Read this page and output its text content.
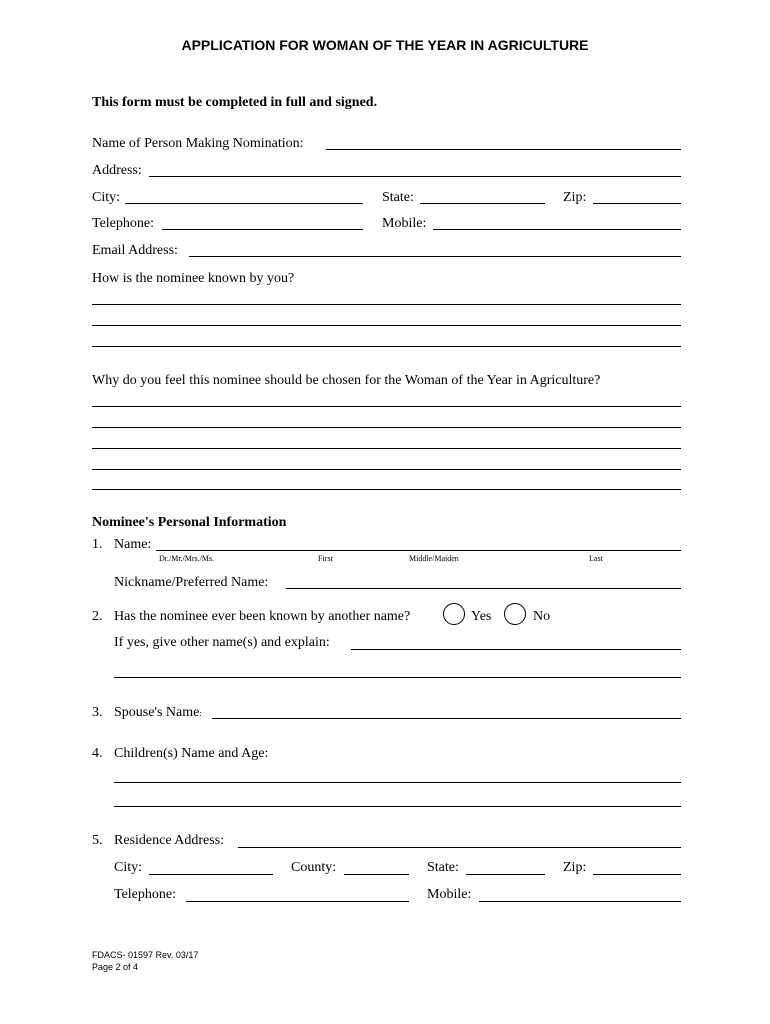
APPLICATION FOR WOMAN OF THE YEAR IN AGRICULTURE
This form must be completed in full and signed.
Name of Person Making Nomination:
Address:
City:	State:	Zip:
Telephone:	Mobile:
Email Address:
How is the nominee known by you?
Why do you feel this nominee should be chosen for the Woman of the Year in Agriculture?
Nominee's Personal Information
1. Name:
Dr./Mr./Mrs./Ms.	First	Middle/Maiden	Last
Nickname/Preferred Name:
2. Has the nominee ever been known by another name?	Yes	No
If yes, give other name(s) and explain:
3. Spouse's Name:
4. Children(s) Name and Age:
5. Residence Address:
City:	County:	State:	Zip:
Telephone:	Mobile:
FDACS- 01597 Rev. 03/17
Page 2 of 4
